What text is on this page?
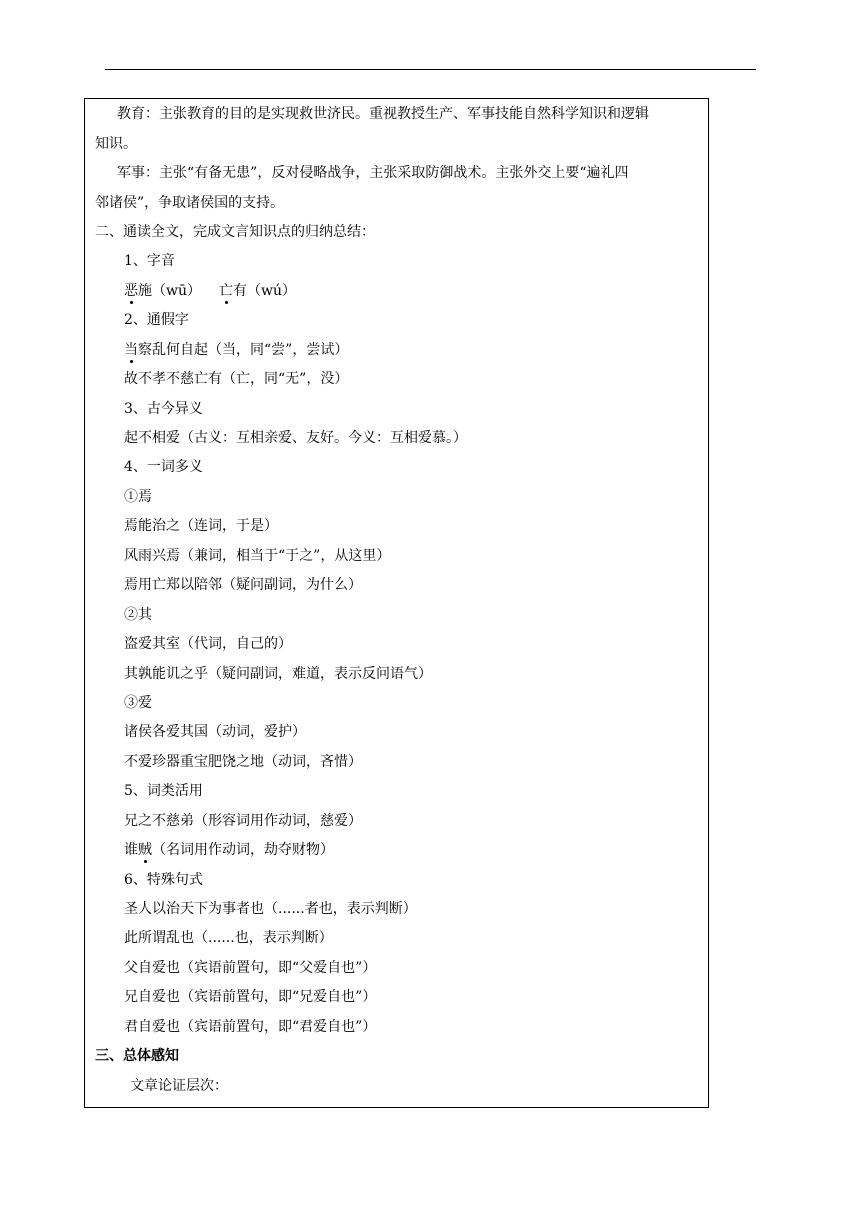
教育：主张教育的目的是实现救世济民。重视教授生产、军事技能自然科学知识和逻辑
知识。
军事：主张“有备无患”，反对侵略战争，主张采取防御战术。主张外交上要“遍礼四
邻诸侯”，争取诸侯国的支持。
二、通读全文，完成文言知识点的归纳总结：
1、字音
恶施（wū） 亡有（wú）
2、通假字
当察乱何自起（当，同“尝”，尝试）
故不孝不慈亡有（亡，同“无”，没）
3、古今异义
起不相爱（古义：互相亲爱、友好。今义：互相爱慕。）
4、一词多义
①焉
焉能治之（连词，于是）
风雨兴焉（兼词，相当于“于之”，从这里）
焉用亡郑以陪邻（疑问副词，为什么）
②其
盗爱其室（代词，自己的）
其孰能讥之乎（疑问副词，难道，表示反问语气）
③爱
诸侯各爱其国（动词，爱护）
不爱珍器重宝肥饶之地（动词，吝惜）
5、词类活用
兄之不慈弟（形容词用作动词，慈爱）
谁贼（名词用作动词，劫夺财物）
6、特殊句式
圣人以治天下为事者也（......者也，表示判断）
此所谓乱也（......也，表示判断）
父自爱也（宾语前置句，即“父爱自也”）
兄自爱也（宾语前置句，即“兄爱自也”）
君自爱也（宾语前置句，即“君爱自也”）
三、总体感知
文章论证层次：
